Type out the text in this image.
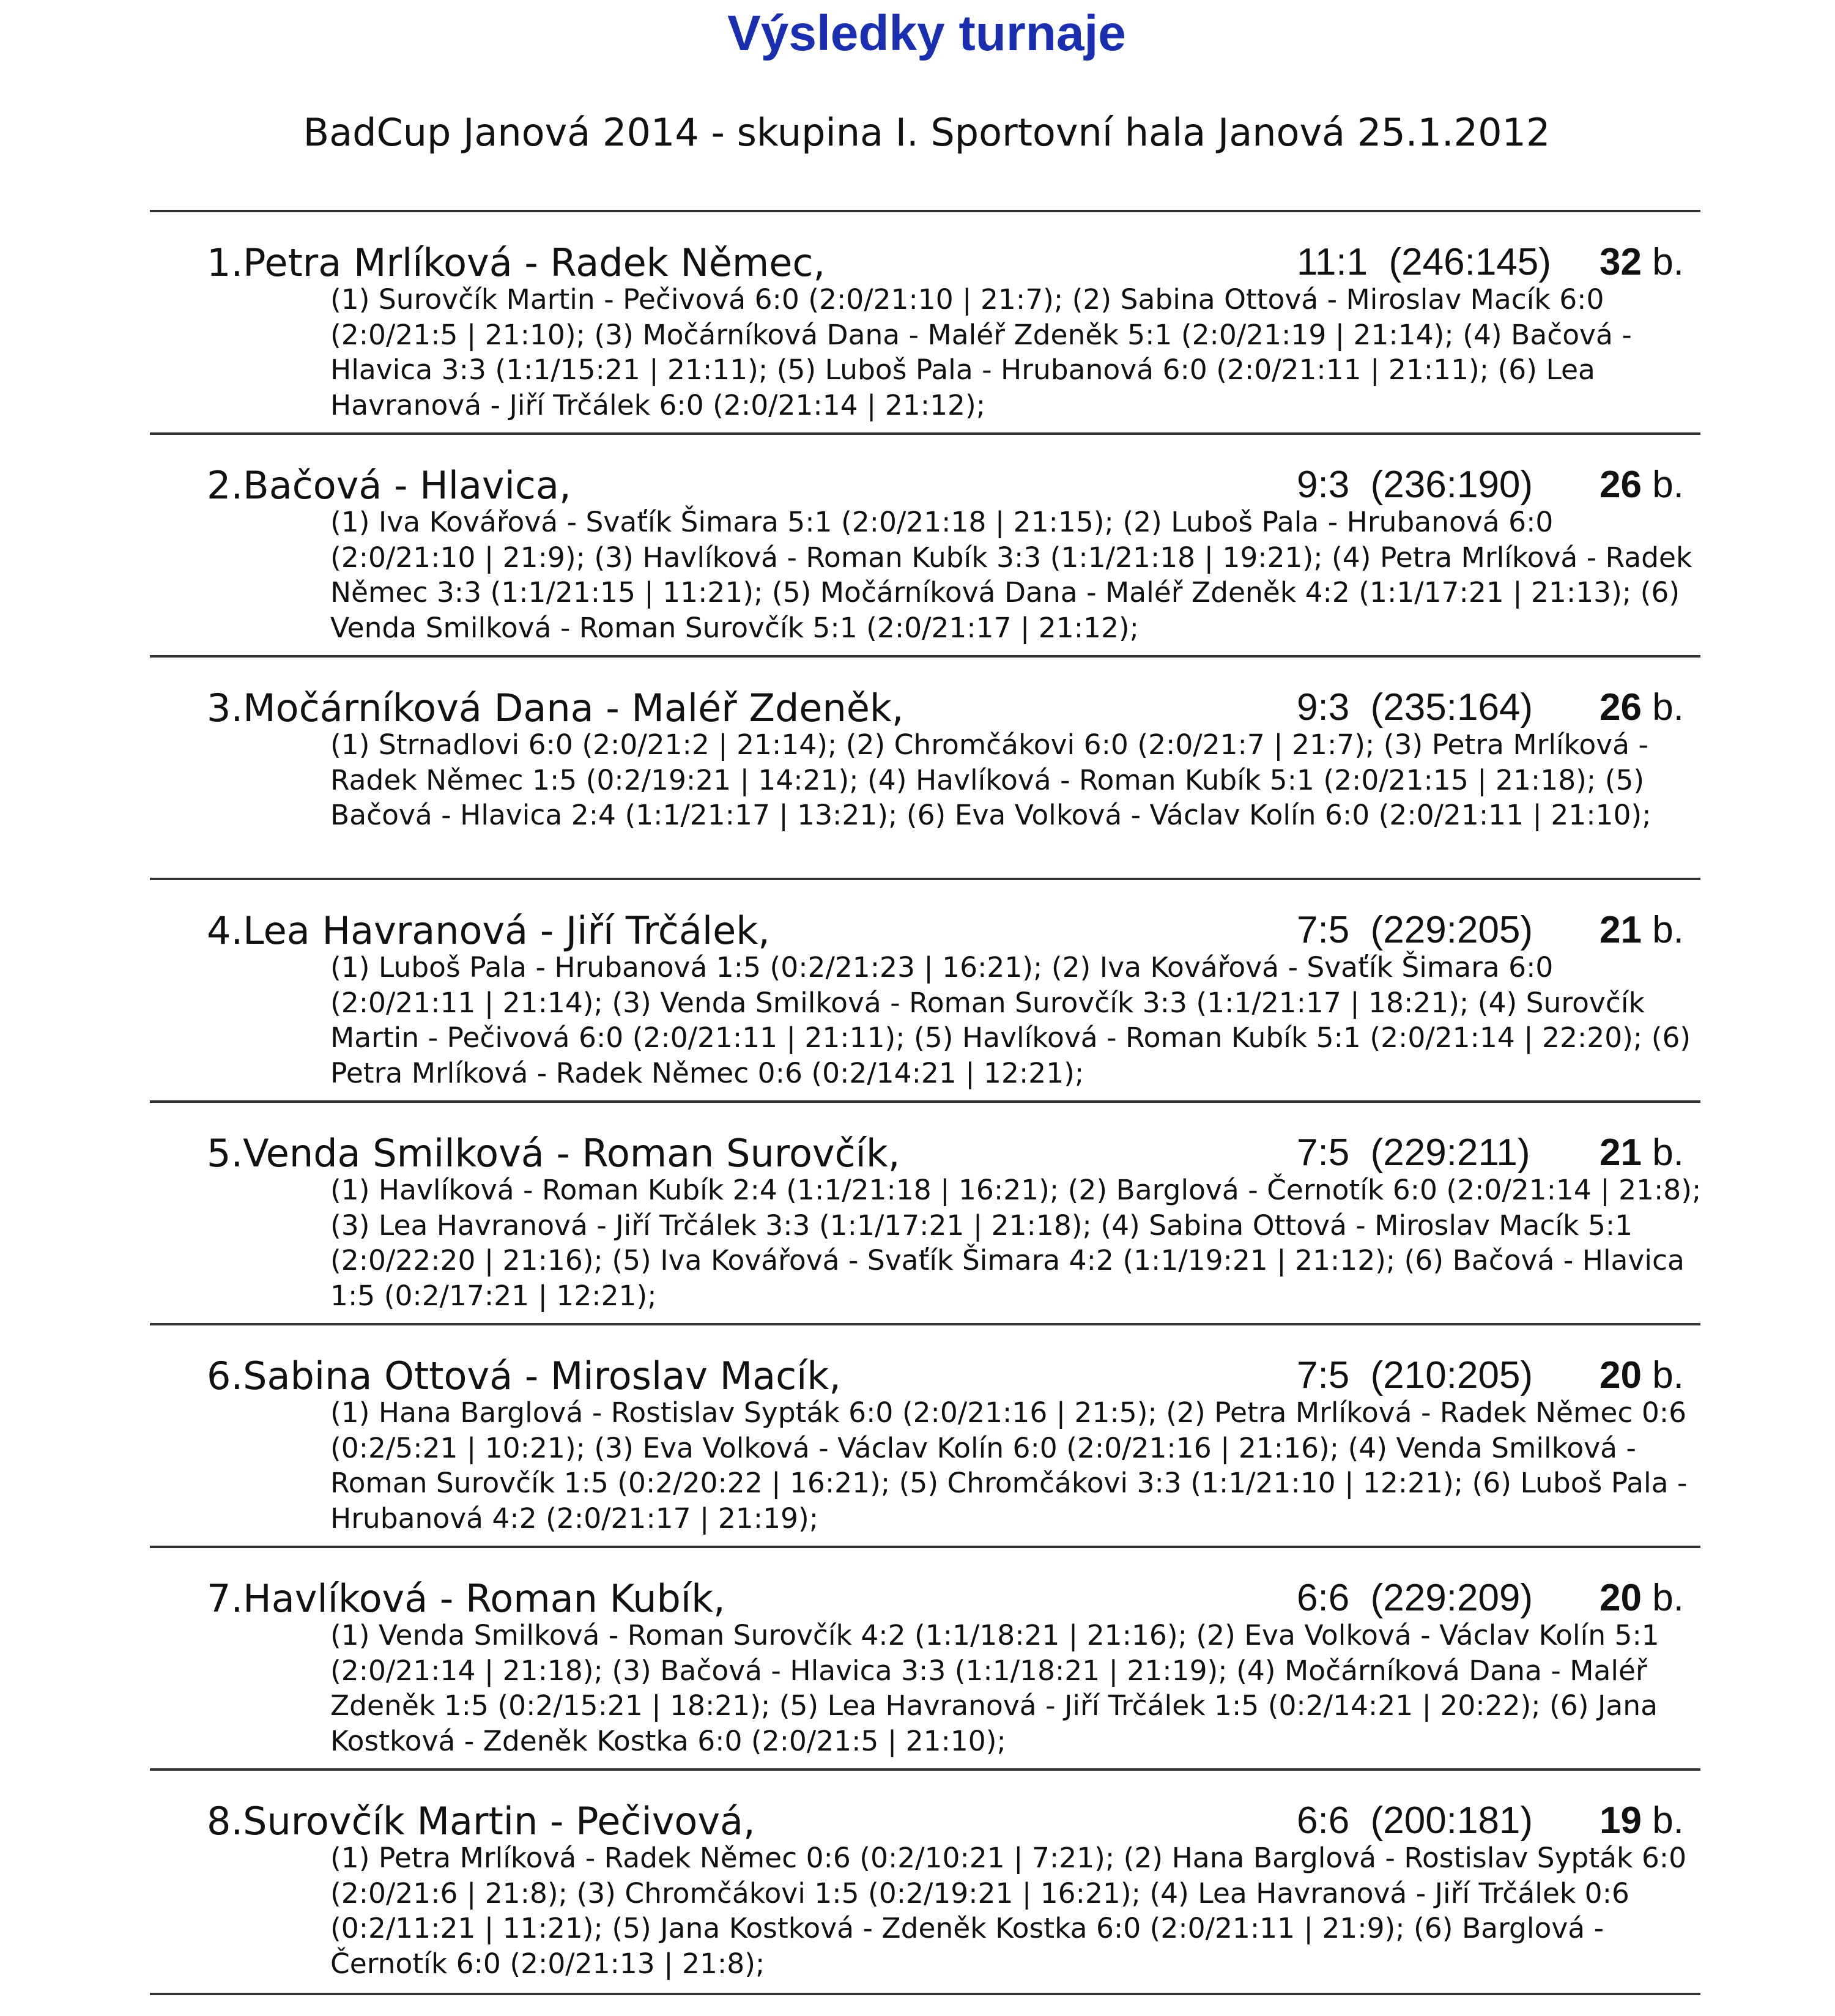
Výsledky turnaje
BadCup Janová 2014 - skupina I. Sportovní hala Janová 25.1.2012
1.Petra Mrlíková - Radek Němec,	11:1 (246:145) 32 b.
(1) Surovčík Martin - Pečivová 6:0 (2:0/21:10 | 21:7); (2) Sabina Ottová - Miroslav Macík 6:0 (2:0/21:5 | 21:10); (3) Močárníková Dana - Maléř Zdeněk 5:1 (2:0/21:19 | 21:14); (4) Bačová - Hlavica 3:3 (1:1/15:21 | 21:11); (5) Luboš Pala - Hrubanová 6:0 (2:0/21:11 | 21:11); (6) Lea Havranová - Jiří Trčálek 6:0 (2:0/21:14 | 21:12);
2.Bačová - Hlavica,	9:3 (236:190) 26 b.
(1) Iva Kovářová - Svaťík Šimara 5:1 (2:0/21:18 | 21:15); (2) Luboš Pala - Hrubanová 6:0 (2:0/21:10 | 21:9); (3) Havlíková - Roman Kubík 3:3 (1:1/21:18 | 19:21); (4) Petra Mrlíková - Radek Němec 3:3 (1:1/21:15 | 11:21); (5) Močárníková Dana - Maléř Zdeněk 4:2 (1:1/17:21 | 21:13); (6) Venda Smilková - Roman Surovčík 5:1 (2:0/21:17 | 21:12);
3.Močárníková Dana - Maléř Zdeněk,	9:3 (235:164) 26 b.
(1) Strnadlovi 6:0 (2:0/21:2 | 21:14); (2) Chromčákovi 6:0 (2:0/21:7 | 21:7); (3) Petra Mrlíková - Radek Němec 1:5 (0:2/19:21 | 14:21); (4) Havlíková - Roman Kubík 5:1 (2:0/21:15 | 21:18); (5) Bačová - Hlavica 2:4 (1:1/21:17 | 13:21); (6) Eva Volková - Václav Kolín 6:0 (2:0/21:11 | 21:10);
4.Lea Havranová - Jiří Trčálek,	7:5 (229:205) 21 b.
(1) Luboš Pala - Hrubanová 1:5 (0:2/21:23 | 16:21); (2) Iva Kovářová - Svaťík Šimara 6:0 (2:0/21:11 | 21:14); (3) Venda Smilková - Roman Surovčík 3:3 (1:1/21:17 | 18:21); (4) Surovčík Martin - Pečivová 6:0 (2:0/21:11 | 21:11); (5) Havlíková - Roman Kubík 5:1 (2:0/21:14 | 22:20); (6) Petra Mrlíková - Radek Němec 0:6 (0:2/14:21 | 12:21);
5.Venda Smilková - Roman Surovčík,	7:5 (229:211) 21 b.
(1) Havlíková - Roman Kubík 2:4 (1:1/21:18 | 16:21); (2) Barglová - Černotík 6:0 (2:0/21:14 | 21:8); (3) Lea Havranová - Jiří Trčálek 3:3 (1:1/17:21 | 21:18); (4) Sabina Ottová - Miroslav Macík 5:1 (2:0/22:20 | 21:16); (5) Iva Kovářová - Svaťík Šimara 4:2 (1:1/19:21 | 21:12); (6) Bačová - Hlavica 1:5 (0:2/17:21 | 12:21);
6.Sabina Ottová - Miroslav Macík,	7:5 (210:205) 20 b.
(1) Hana Barglová - Rostislav Sypták 6:0 (2:0/21:16 | 21:5); (2) Petra Mrlíková - Radek Němec 0:6 (0:2/5:21 | 10:21); (3) Eva Volková - Václav Kolín 6:0 (2:0/21:16 | 21:16); (4) Venda Smilková - Roman Surovčík 1:5 (0:2/20:22 | 16:21); (5) Chromčákovi 3:3 (1:1/21:10 | 12:21); (6) Luboš Pala - Hrubanová 4:2 (2:0/21:17 | 21:19);
7.Havlíková - Roman Kubík,	6:6 (229:209) 20 b.
(1) Venda Smilková - Roman Surovčík 4:2 (1:1/18:21 | 21:16); (2) Eva Volková - Václav Kolín 5:1 (2:0/21:14 | 21:18); (3) Bačová - Hlavica 3:3 (1:1/18:21 | 21:19); (4) Močárníková Dana - Maléř Zdeněk 1:5 (0:2/15:21 | 18:21); (5) Lea Havranová - Jiří Trčálek 1:5 (0:2/14:21 | 20:22); (6) Jana Kostková - Zdeněk Kostka 6:0 (2:0/21:5 | 21:10);
8.Surovčík Martin - Pečivová,	6:6 (200:181) 19 b.
(1) Petra Mrlíková - Radek Němec 0:6 (0:2/10:21 | 7:21); (2) Hana Barglová - Rostislav Sypták 6:0 (2:0/21:6 | 21:8); (3) Chromčákovi 1:5 (0:2/19:21 | 16:21); (4) Lea Havranová - Jiří Trčálek 0:6 (0:2/11:21 | 11:21); (5) Jana Kostková - Zdeněk Kostka 6:0 (2:0/21:11 | 21:9); (6) Barglová - Černotík 6:0 (2:0/21:13 | 21:8);
